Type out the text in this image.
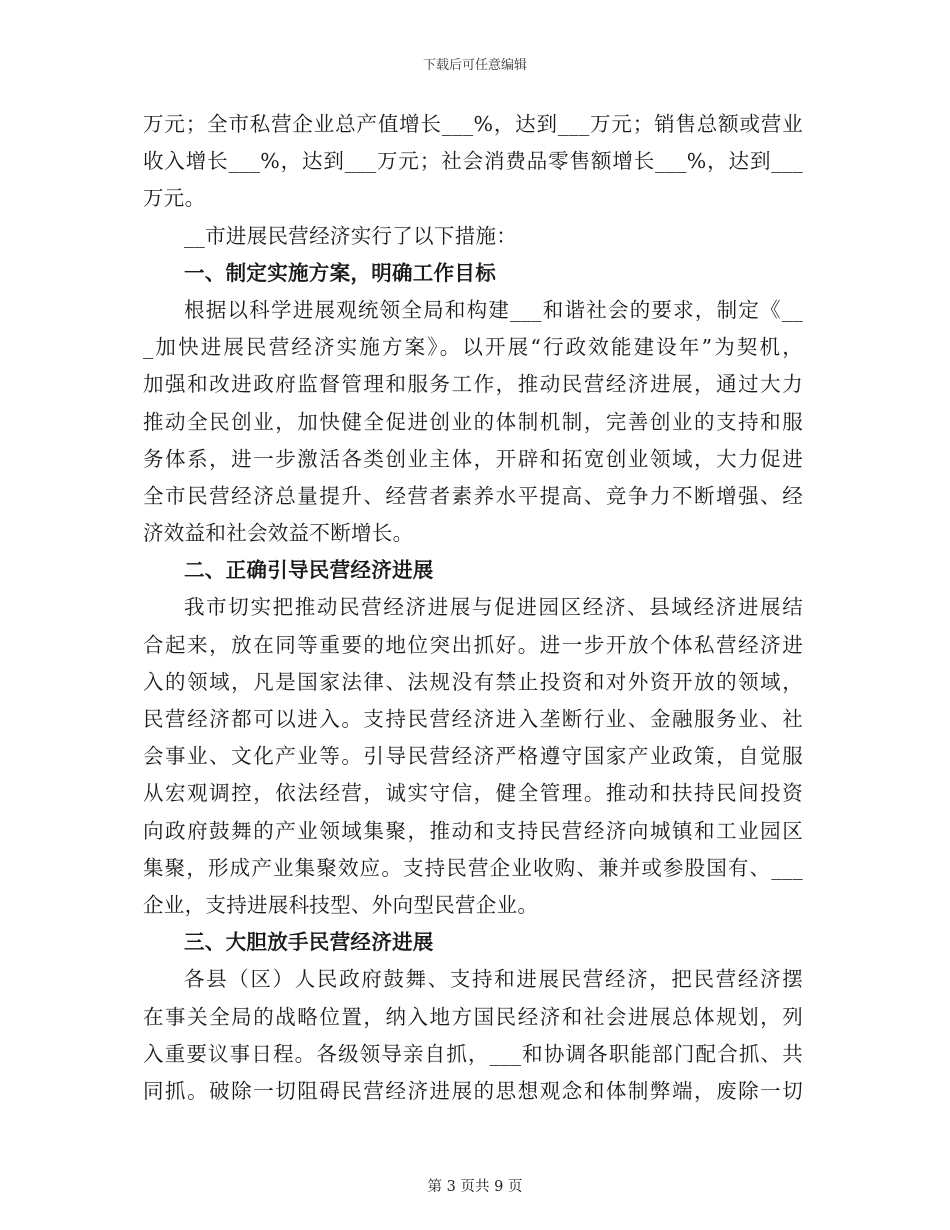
下载后可任意编辑
万元；全市私营企业总产值增长___%，达到___万元；销售总额或营业
收入增长___%，达到___万元；社会消费品零售额增长___%，达到___
万元。
__市进展民营经济实行了以下措施：
一、制定实施方案，明确工作目标
根据以科学进展观统领全局和构建___和谐社会的要求，制定《__
_加快进展民营经济实施方案》。以开展“行政效能建设年”为契机，
加强和改进政府监督管理和服务工作，推动民营经济进展，通过大力
推动全民创业，加快健全促进创业的体制机制，完善创业的支持和服
务体系，进一步激活各类创业主体，开辟和拓宽创业领域，大力促进
全市民营经济总量提升、经营者素养水平提高、竞争力不断增强、经
济效益和社会效益不断增长。
二、正确引导民营经济进展
我市切实把推动民营经济进展与促进园区经济、县域经济进展结
合起来，放在同等重要的地位突出抓好。进一步开放个体私营经济进
入的领域，凡是国家法律、法规没有禁止投资和对外资开放的领域，
民营经济都可以进入。支持民营经济进入垄断行业、金融服务业、社
会事业、文化产业等。引导民营经济严格遵守国家产业政策，自觉服
从宏观调控，依法经营，诚实守信，健全管理。推动和扶持民间投资
向政府鼓舞的产业领域集聚，推动和支持民营经济向城镇和工业园区
集聚，形成产业集聚效应。支持民营企业收购、兼并或参股国有、___
企业，支持进展科技型、外向型民营企业。
三、大胆放手民营经济进展
各县（区）人民政府鼓舞、支持和进展民营经济，把民营经济摆
在事关全局的战略位置，纳入地方国民经济和社会进展总体规划，列
入重要议事日程。各级领导亲自抓，___和协调各职能部门配合抓、共
同抓。破除一切阻碍民营经济进展的思想观念和体制弊端，废除一切
第 3 页共 9 页
